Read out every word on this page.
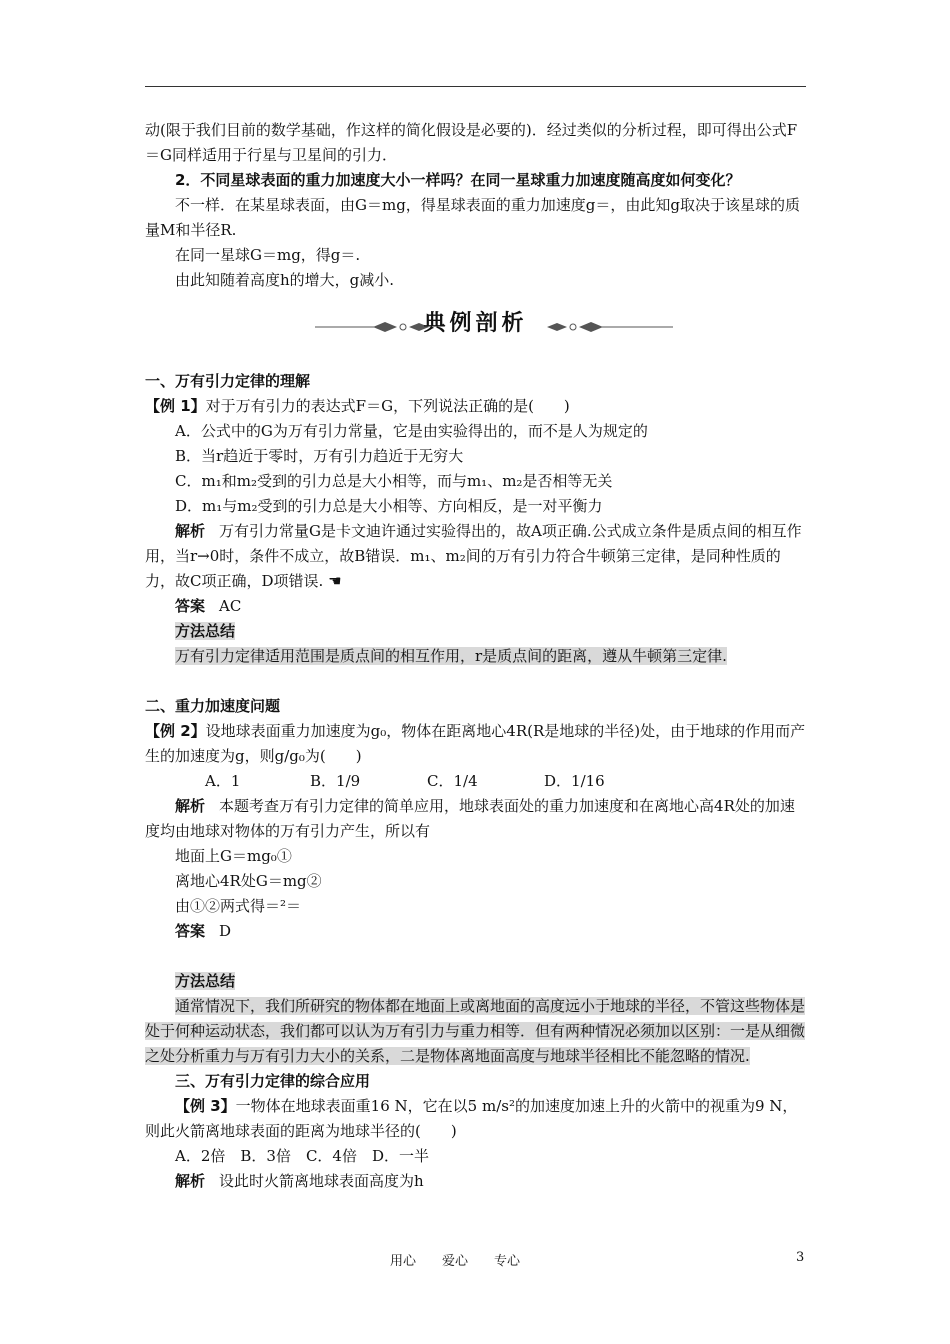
动(限于我们目前的数学基础，作这样的简化假设是必要的)．经过类似的分析过程，即可得出公式F＝G同样适用于行星与卫星间的引力．

2．不同星球表面的重力加速度大小一样吗？在同一星球重力加速度随高度如何变化？

不一样．在某星球表面，由G＝mg，得星球表面的重力加速度g＝，由此知g取决于该星球的质量M和半径R.

在同一星球G＝mg，得g＝.

由此知随着高度h的增大，g减小.

典例剖析

一、万有引力定律的理解

【例 1】对于万有引力的表达式F＝G，下列说法正确的是(　　)

A．公式中的G为万有引力常量，它是由实验得出的，而不是人为规定的

B．当r趋近于零时，万有引力趋近于无穷大

C．m₁和m₂受到的引力总是大小相等，而与m₁、m₂是否相等无关

D．m₁与m₂受到的引力总是大小相等、方向相反，是一对平衡力

解析 万有引力常量G是卡文迪许通过实验得出的，故A项正确.公式成立条件是质点间的相互作用，当r→0时，条件不成立，故B错误．m₁、m₂间的万有引力符合牛顿第三定律，是同种性质的力，故C项正确，D项错误. ☚

答案 AC

方法总结

万有引力定律适用范围是质点间的相互作用，r是质点间的距离，遵从牛顿第三定律.

二、重力加速度问题

【例 2】设地球表面重力加速度为g₀，物体在距离地心4R(R是地球的半径)处，由于地球的作用而产生的加速度为g，则g/g₀为(　　)

A．1	B．1/9	C．1/4	D．1/16

解析 本题考查万有引力定律的简单应用，地球表面处的重力加速度和在离地心高4R处的加速度均由地球对物体的万有引力产生，所以有

地面上G＝mg₀①

离地心4R处G＝mg②

由①②两式得＝²＝

答案 D

方法总结

通常情况下，我们所研究的物体都在地面上或离地面的高度远小于地球的半径，不管这些物体是处于何种运动状态，我们都可以认为万有引力与重力相等．但有两种情况必须加以区别：一是从细微之处分析重力与万有引力大小的关系，二是物体离地面高度与地球半径相比不能忽略的情况.

三、万有引力定律的综合应用

【例 3】一物体在地球表面重16 N，它在以5 m/s²的加速度加速上升的火箭中的视重为9 N，则此火箭离地球表面的距离为地球半径的(　　)

A．2倍　B．3倍　C．4倍　D．一半

解析 设此时火箭离地球表面高度为h

用心　　爱心　　专心	3
